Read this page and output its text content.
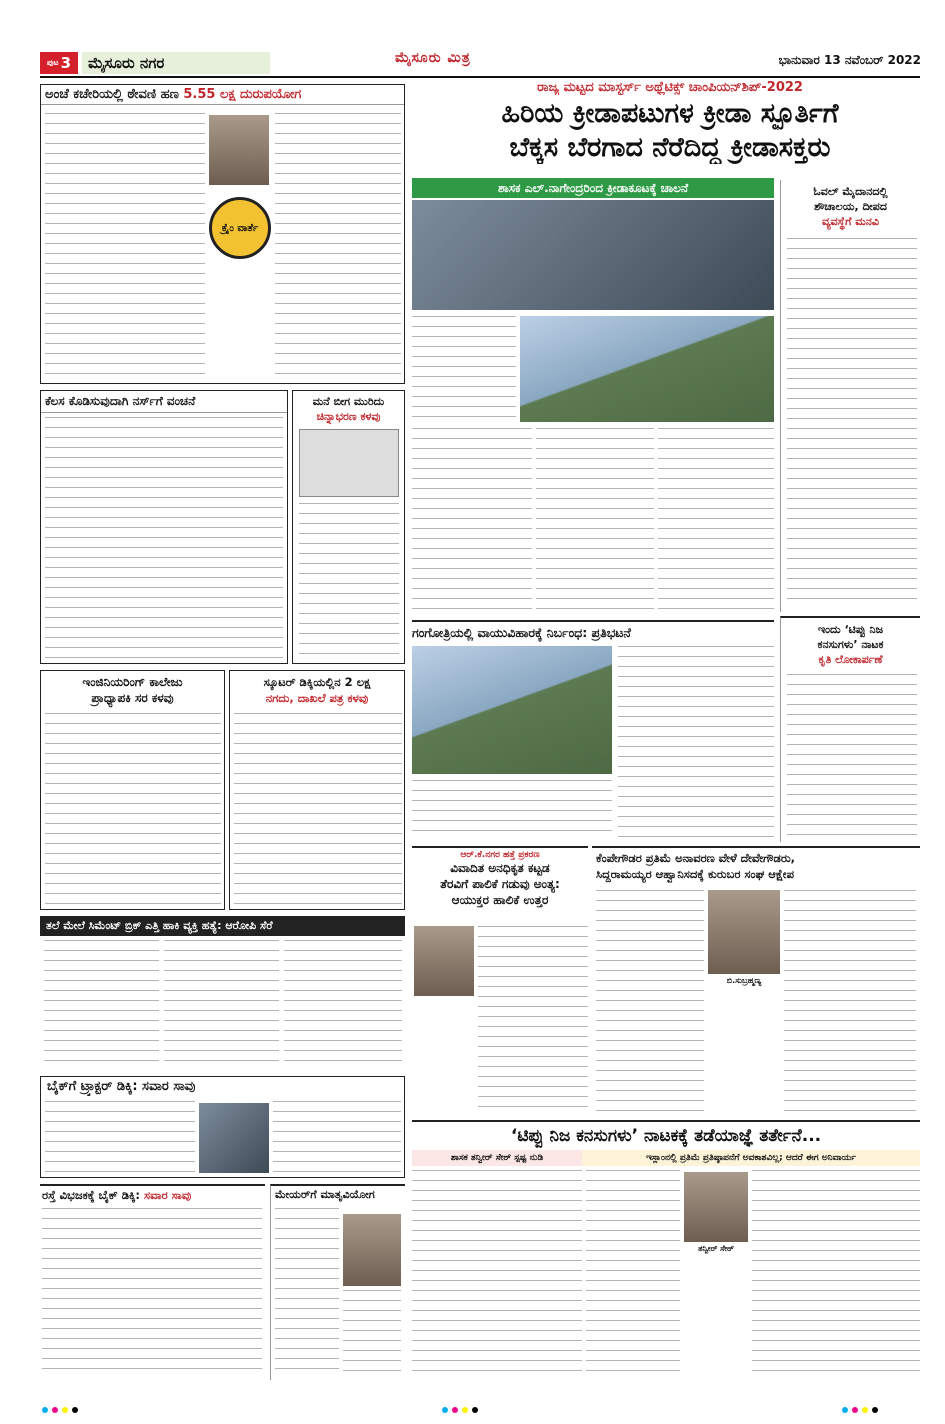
ಪುಟ 3	ಮೈಸೂರು ನಗರ	ಮೈಸೂರು ಮಿತ್ರ	ಭಾನುವಾರ 13 ನವೆಂಬರ್ 2022
ಅಂಚೆ ಕಚೇರಿಯಲ್ಲಿ ಠೇವಣಿ ಹಣ 5.55 ಲಕ್ಷ ದುರುಪಯೋಗ
ಕ್ರೈಂ ವಾರ್ತೆ
ರಾಜ್ಯ ಮಟ್ಟದ ಮಾಸ್ಟರ್ಸ್ ಅಥ್ಲೆಟಿಕ್ಸ್ ಚಾಂಪಿಯನ್‌ಶಿಪ್-2022
ಹಿರಿಯ ಕ್ರೀಡಾಪಟುಗಳ ಕ್ರೀಡಾ ಸ್ಫೂರ್ತಿಗೆ
ಬೆಕ್ಕಸ ಬೆರಗಾದ ನೆರೆದಿದ್ದ ಕ್ರೀಡಾಸಕ್ತರು
ಶಾಸಕ ಎಲ್.ನಾಗೇಂದ್ರರಿಂದ ಕ್ರೀಡಾಕೂಟಕ್ಕೆ ಚಾಲನೆ	ಓವಲ್ ಮೈದಾನದಲ್ಲಿ
ಶೌಚಾಲಯ, ದೀಪದ
ವ್ಯವಸ್ಥೆಗೆ ಮನವಿ
ಕೆಲಸ ಕೊಡಿಸುವುದಾಗಿ ನರ್ಸ್‌ಗೆ ವಂಚನೆ	ಮನೆ ಬೀಗ ಮುರಿದು
ಚಿನ್ನಾಭರಣ ಕಳವು
ಗಂಗೋತ್ರಿಯಲ್ಲಿ ವಾಯುವಿಹಾರಕ್ಕೆ ನಿರ್ಬಂಧ: ಪ್ರತಿಭಟನೆ	ಇಂದು ‘ಟಿಪ್ಪು ನಿಜ
ಕನಸುಗಳು’ ನಾಟಕ
ಕೃತಿ ಲೋಕಾರ್ಪಣೆ
ಇಂಜಿನಿಯರಿಂಗ್ ಕಾಲೇಜು
ಪ್ರಾಧ್ಯಾಪಕಿ ಸರ ಕಳವು
ಸ್ಕೂಟರ್ ಡಿಕ್ಕಿಯಲ್ಲಿನ 2 ಲಕ್ಷ
ನಗದು, ದಾಖಲೆ ಪತ್ರ ಕಳವು
ಆರ್.ಕೆ.ನಗರ ಹತ್ತೆ ಪ್ರಕರಣ
ವಿವಾದಿತ ಅನಧಿಕೃತ ಕಟ್ಟಡ
ತೆರವಿಗೆ ಪಾಲಿಕೆ ಗಡುವು ಅಂತ್ಯ:
ಆಯುಕ್ತರ ಹಾಲಿಕೆ ಉತ್ತರ
ಕೆಂಪೇಗೌಡರ ಪ್ರತಿಮೆ ಅನಾವರಣ ವೇಳೆ ದೇವೇಗೌಡರು,
ಸಿದ್ದರಾಮಯ್ಯರ ಆಹ್ವಾನಿಸದಕ್ಕೆ ಕುರುಬರ ಸಂಘ ಆಕ್ಷೇಪ
ಬಿ.ಸುಬ್ರಹ್ಮಣ್ಯ
ತಲೆ ಮೇಲೆ ಸಿಮೆಂಟ್ ಬ್ರಿಕ್ ಎತ್ತಿ ಹಾಕಿ ವ್ಯಕ್ತಿ ಹತ್ಯೆ: ಆರೋಪಿ ಸೆರೆ
ಬೈಕ್‌ಗೆ ಟ್ರ್ಯಾಕ್ಟರ್ ಡಿಕ್ಕಿ: ಸವಾರ ಸಾವು
ರಸ್ತೆ ವಿಭಜಕಕ್ಕೆ ಬೈಕ್ ಡಿಕ್ಕಿ: ಸವಾರ ಸಾವು	ಮೇಯರ್‌ಗೆ ಮಾತೃವಿಯೋಗ
‘ಟಿಪ್ಪು ನಿಜ ಕನಸುಗಳು’ ನಾಟಕಕ್ಕೆ ತಡೆಯಾಜ್ಞೆ ತರ್ತೇನೆ...
ಶಾಸಕ ತನ್ವೀರ್ ಸೇಠ್ ಸ್ಪಷ್ಟ ನುಡಿ	ಇಸ್ಲಾಂನಲ್ಲಿ ಪ್ರತಿಮೆ ಪ್ರತಿಷ್ಠಾಪನೆಗೆ ಅವಕಾಶವಿಲ್ಲ; ಆದರೆ ಈಗ ಅನಿವಾರ್ಯ
ತನ್ವೀರ್ ಸೇಠ್
